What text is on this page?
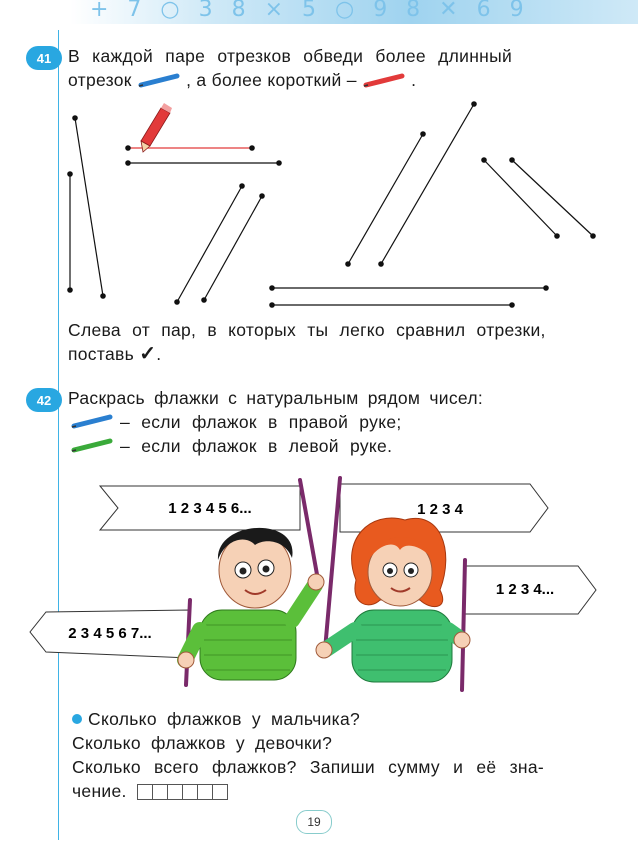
+ 7 ○ 3 8 ⨯ 5 ○ 9 8 ✕ 6 9
41 В каждой паре отрезков обведи более длинный
отрезок	, а более короткий –	.
Слева от пар, в которых ты легко сравнил отрезки,
поставь ✓.
42 Раскрась флажки с натуральным рядом чисел:
– если флажок в правой руке;
– если флажок в левой руке.
1 2 3 4 5 6...	1 2 3 4
1 2 3 4...
2 3 4 5 6 7...
Сколько флажков у мальчика?
Сколько флажков у девочки?
Сколько всего флажков? Запиши сумму и её зна-
чение.
19
